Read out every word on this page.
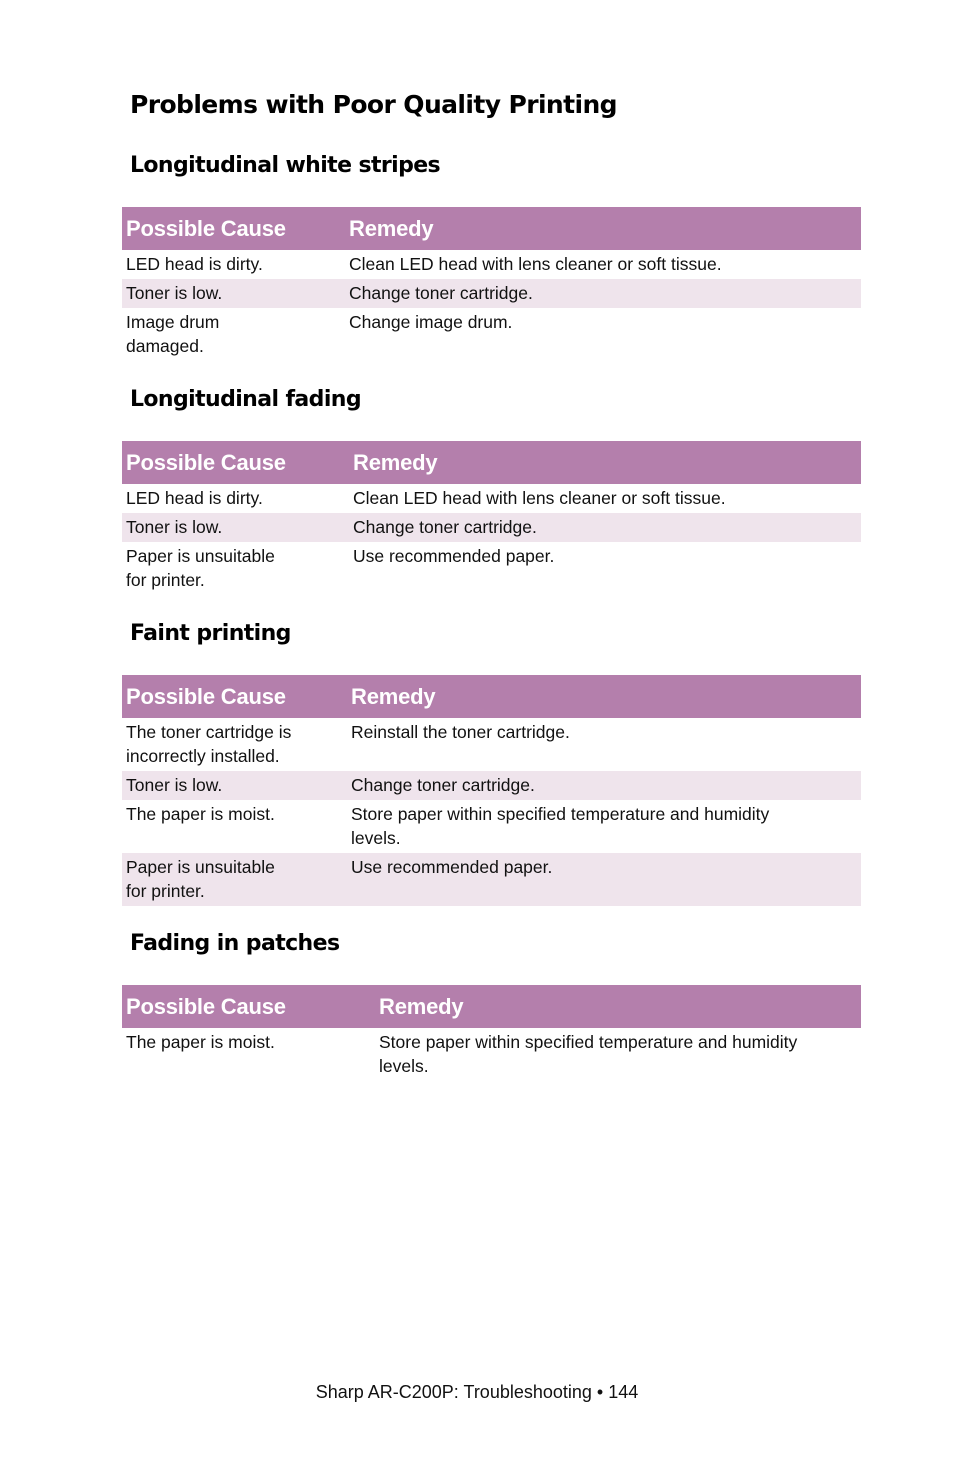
Problems with Poor Quality Printing
Longitudinal white stripes
Possible Cause	Remedy
LED head is dirty.	Clean LED head with lens cleaner or soft tissue.
Toner is low.	Change toner cartridge.
Image drum damaged.	Change image drum.
Longitudinal fading
Possible Cause	Remedy
LED head is dirty.	Clean LED head with lens cleaner or soft tissue.
Toner is low.	Change toner cartridge.
Paper is unsuitable for printer.	Use recommended paper.
Faint printing
Possible Cause	Remedy
The toner cartridge is incorrectly installed.	Reinstall the toner cartridge.
Toner is low.	Change toner cartridge.
The paper is moist.	Store paper within specified temperature and humidity levels.
Paper is unsuitable for printer.	Use recommended paper.
Fading in patches
Possible Cause	Remedy
The paper is moist.	Store paper within specified temperature and humidity levels.
Sharp AR-C200P: Troubleshooting • 144
